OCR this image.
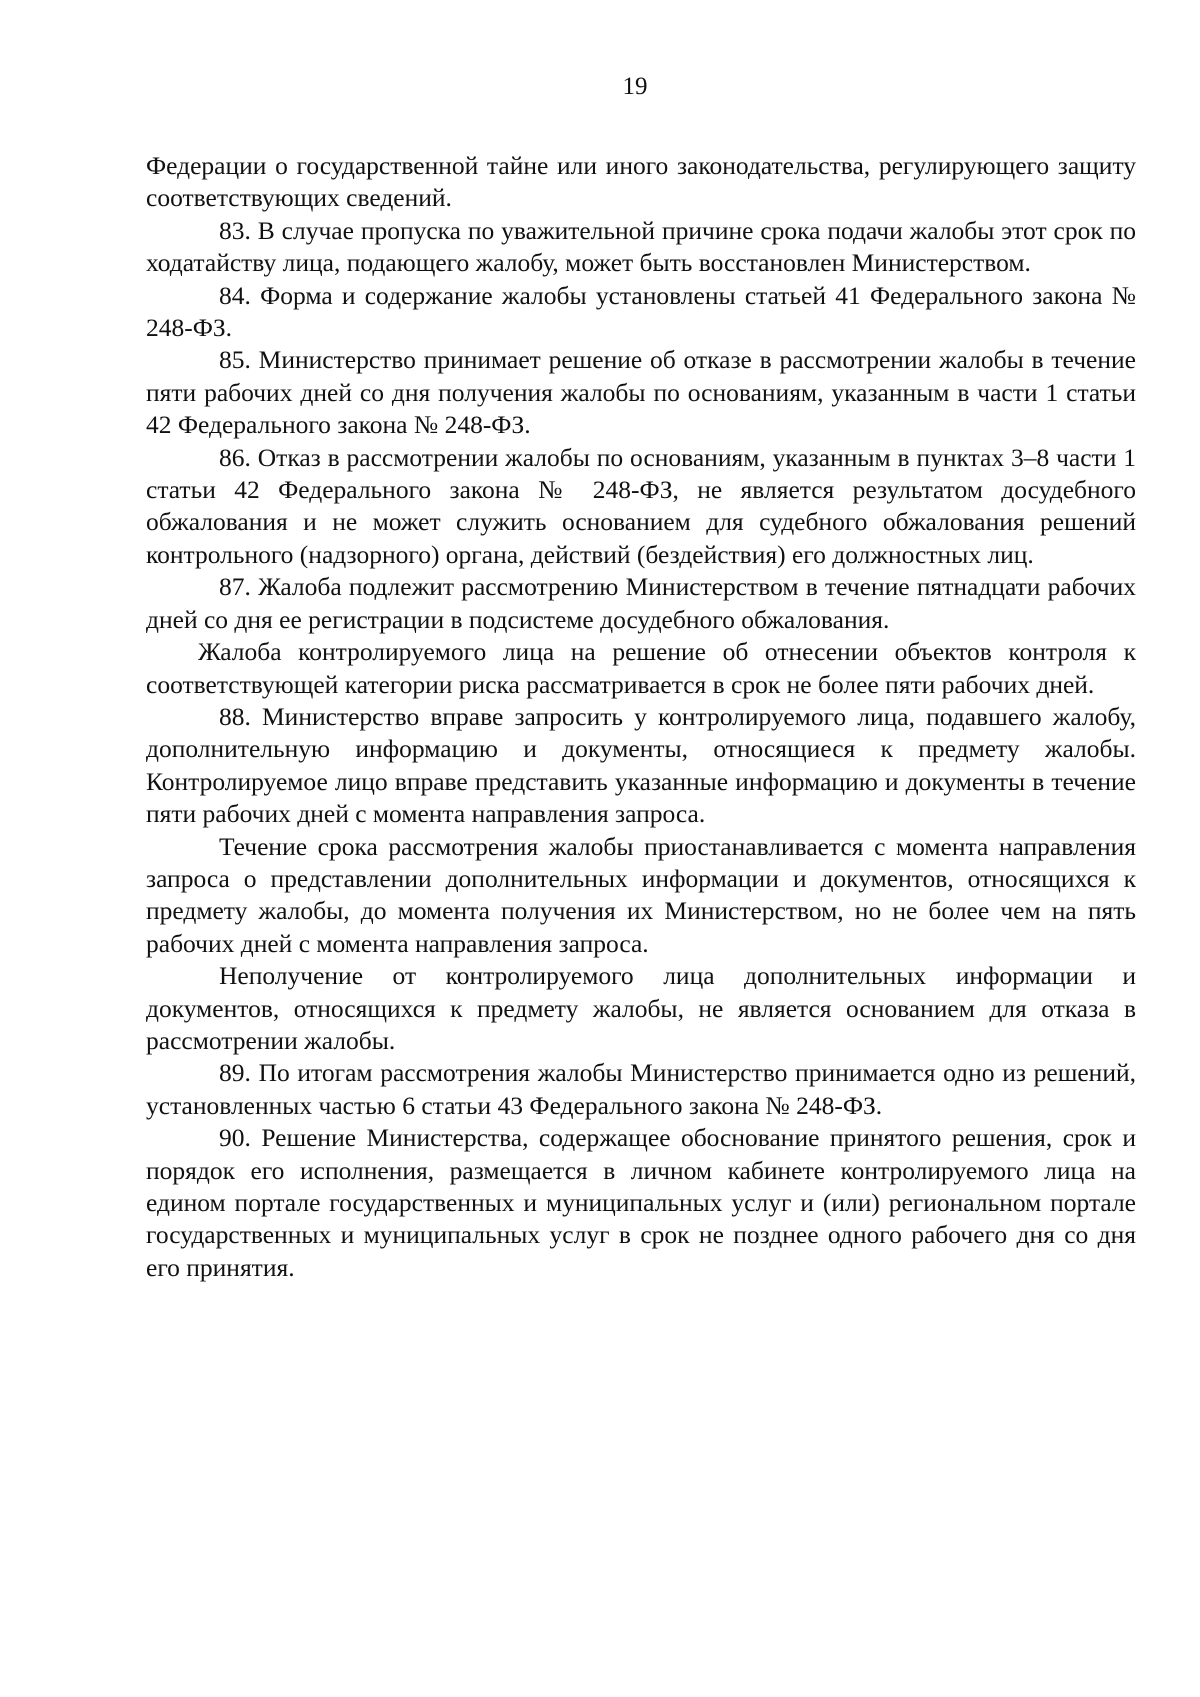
19

Федерации о государственной тайне или иного законодательства, регулирующего защиту соответствующих сведений.

83. В случае пропуска по уважительной причине срока подачи жалобы этот срок по ходатайству лица, подающего жалобу, может быть восстановлен Министерством.

84. Форма и содержание жалобы установлены статьей 41 Федерального закона № 248-ФЗ.

85. Министерство принимает решение об отказе в рассмотрении жалобы в течение пяти рабочих дней со дня получения жалобы по основаниям, указанным в части 1 статьи 42 Федерального закона № 248-ФЗ.

86. Отказ в рассмотрении жалобы по основаниям, указанным в пунктах 3–8 части 1 статьи 42 Федерального закона № 248-ФЗ, не является результатом досудебного обжалования и не может служить основанием для судебного обжалования решений контрольного (надзорного) органа, действий (бездействия) его должностных лиц.

87. Жалоба подлежит рассмотрению Министерством в течение пятнадцати рабочих дней со дня ее регистрации в подсистеме досудебного обжалования.

Жалоба контролируемого лица на решение об отнесении объектов контроля к соответствующей категории риска рассматривается в срок не более пяти рабочих дней.

88. Министерство вправе запросить у контролируемого лица, подавшего жалобу, дополнительную информацию и документы, относящиеся к предмету жалобы. Контролируемое лицо вправе представить указанные информацию и документы в течение пяти рабочих дней с момента направления запроса.

Течение срока рассмотрения жалобы приостанавливается с момента направления запроса о представлении дополнительных информации и документов, относящихся к предмету жалобы, до момента получения их Министерством, но не более чем на пять рабочих дней с момента направления запроса.

Неполучение от контролируемого лица дополнительных информации и документов, относящихся к предмету жалобы, не является основанием для отказа в рассмотрении жалобы.

89. По итогам рассмотрения жалобы Министерство принимается одно из решений, установленных частью 6 статьи 43 Федерального закона № 248-ФЗ.

90. Решение Министерства, содержащее обоснование принятого решения, срок и порядок его исполнения, размещается в личном кабинете контролируемого лица на едином портале государственных и муниципальных услуг и (или) региональном портале государственных и муниципальных услуг в срок не позднее одного рабочего дня со дня его принятия.
